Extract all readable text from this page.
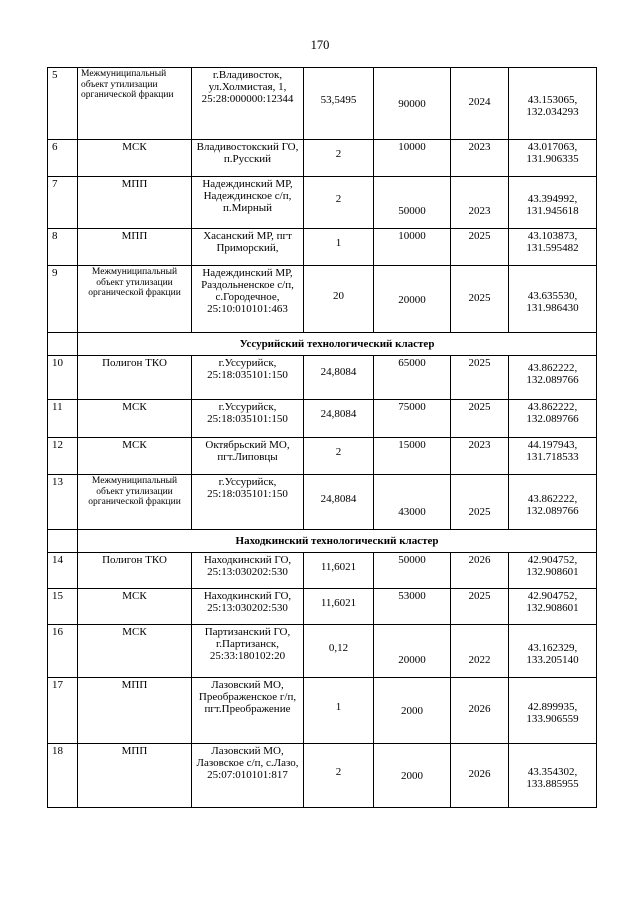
170
5	Межмуниципальный объект утилизации органической фракции	г.Владивосток, ул.Холмистая, 1, 25:28:000000:12344	53,5495	90000	2024	43.153065, 132.034293
6	МСК	Владивостокский ГО, п.Русский	2	10000	2023	43.017063, 131.906335
7	МПП	Надеждинский МР, Надеждинское с/п, п.Мирный	2	50000	2023	43.394992, 131.945618
8	МПП	Хасанский МР, пгт Приморский,	1	10000	2025	43.103873, 131.595482
9	Межмуниципальный объект утилизации органической фракции	Надеждинский МР, Раздольненское с/п, с.Городечное, 25:10:010101:463	20	20000	2025	43.635530, 131.986430
	Уссурийский технологический кластер					
10	Полигон ТКО	г.Уссурийск, 25:18:035101:150	24,8084	65000	2025	43.862222, 132.089766
11	МСК	г.Уссурийск, 25:18:035101:150	24,8084	75000	2025	43.862222, 132.089766
12	МСК	Октябрьский МО, пгт.Липовцы	2	15000	2023	44.197943, 131.718533
13	Межмуниципальный объект утилизации органической фракции	г.Уссурийск, 25:18:035101:150	24,8084	43000	2025	43.862222, 132.089766
	Находкинский технологический кластер					
14	Полигон ТКО	Находкинский ГО, 25:13:030202:530	11,6021	50000	2026	42.904752, 132.908601
15	МСК	Находкинский ГО, 25:13:030202:530	11,6021	53000	2025	42.904752, 132.908601
16	МСК	Партизанский ГО, г.Партизанск, 25:33:180102:20	0,12	20000	2022	43.162329, 133.205140
17	МПП	Лазовский МО, Преображенское г/п, пгт.Преображение	1	2000	2026	42.899935, 133.906559
18	МПП	Лазовский МО, Лазовское с/п, с.Лазо, 25:07:010101:817	2	2000	2026	43.354302, 133.885955
